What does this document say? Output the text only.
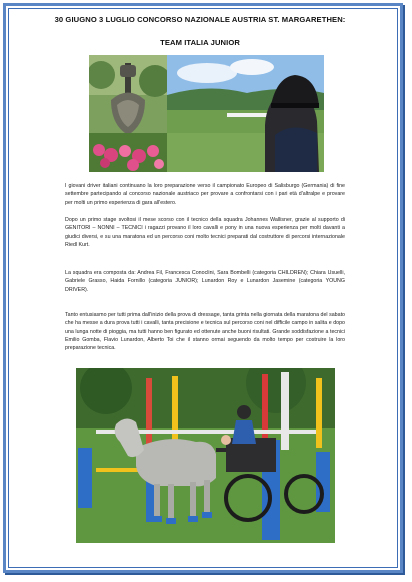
30 GIUGNO 3 LUGLIO CONCORSO NAZIONALE AUSTRIA ST. MARGARETHEN:
TEAM ITALIA JUNIOR

I giovani driver italiani continuano la loro preparazione verso il campionato Europeo di Salisburgo (Germania) di fine settembre partecipando al concorso nazionale austriaco per provare a confrontarsi con i pari età d'altralpe e provare per molti un primo esperienza di gara all'estero.

Dopo un primo stage svoltosi il mese scorso con il tecnico della squadra Johannes Wallisner, grazie al supporto di GENITORI – NONNI – TECNICI i ragazzi provano il loro cavalli e pony in una nuova esperienza per molti davanti a giudici diversi, e su una maratona ed un percorso coni molto tecnici preparati dal costruttore di percorsi internazionale Riedl Kurt.

La squadra era composta da: Andrea Fil, Francesca Conoclini, Sara Bombelli (categoria CHILDREN); Chiara Usuelli, Gabriele Grasso, Haida Fornillo (categoria JUNIOR); Lunardon Roy e Lunardon Jasemine (categoria YOUNG DRIVER).

Tanto entusiasmo per tutti prima dall'inizio della prova di dressage, tanta grinta nella giornata della maratona del sabato che ha messe a dura prova tutti i cavalli, tanta precisione e tecnica sul percorso coni nel difficile campo in salita e dopo una lunga notte di pioggia, ma tutti hanno ben figurato ed ottenute anche buoni risultati. Grande soddisfazione a tecnici Emilio Gomba, Flavio Lunardon, Alberto Toi che il stanno ormai seguendo da molto tempo per costruire la loro preparazione tecnica.
